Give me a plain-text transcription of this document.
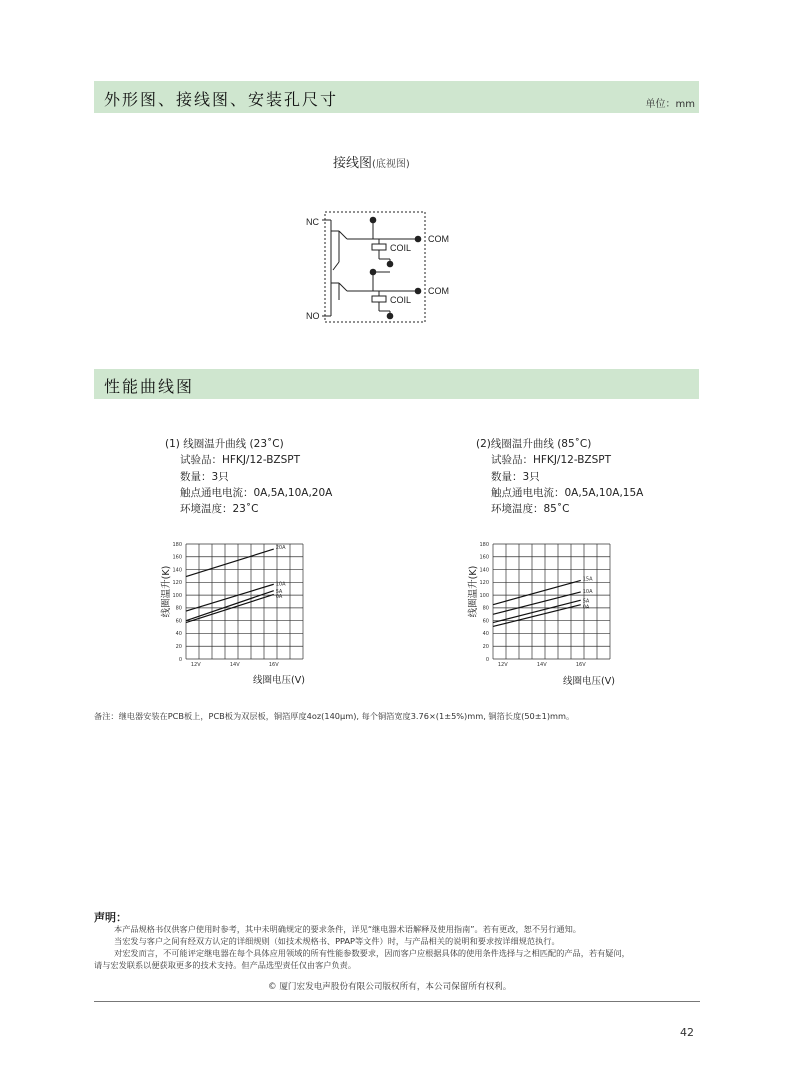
外形图、接线图、安装孔尺寸	单位：mm
接线图(底视图)
NC
NO
COM
COM
COIL
COIL
性能曲线图
(1) 线圈温升曲线 (23˚C)
试验品：HFKJ/12-BZSPT
数量：3只
触点通电电流：0A,5A,10A,20A
环境温度：23˚C
(2)线圈温升曲线 (85˚C)
试验品：HFKJ/12-BZSPT
数量：3只
触点通电电流：0A,5A,10A,15A
环境温度：85˚C
0
20
40
60
80
100
120
140
160
180
12V	14V	16V
线圈温升(K)
20A
10A
5A
0A
0
20
40
60
80
100
120
140
160
180
12V	14V	16V
线圈温升(K)	15A
10A
5A
0A
线圈电压(V)	线圈电压(V)
备注：继电器安装在PCB板上，PCB板为双层板，铜箔厚度4oz(140μm), 每个铜箔宽度3.76×(1±5%)mm, 铜箔长度(50±1)mm。
声明：
本产品规格书仅供客户使用时参考，其中未明确规定的要求条件，详见“继电器术语解释及使用指南”。若有更改，恕不另行通知。
当宏发与客户之间有经双方认定的详细规则（如技术规格书、PPAP等文件）时，与产品相关的说明和要求按详细规范执行。
对宏发而言，不可能评定继电器在每个具体应用领域的所有性能参数要求，因而客户应根据具体的使用条件选择与之相匹配的产品，若有疑问，
请与宏发联系以便获取更多的技术支持。但产品选型责任仅由客户负责。
© 厦门宏发电声股份有限公司版权所有，本公司保留所有权利。
42
